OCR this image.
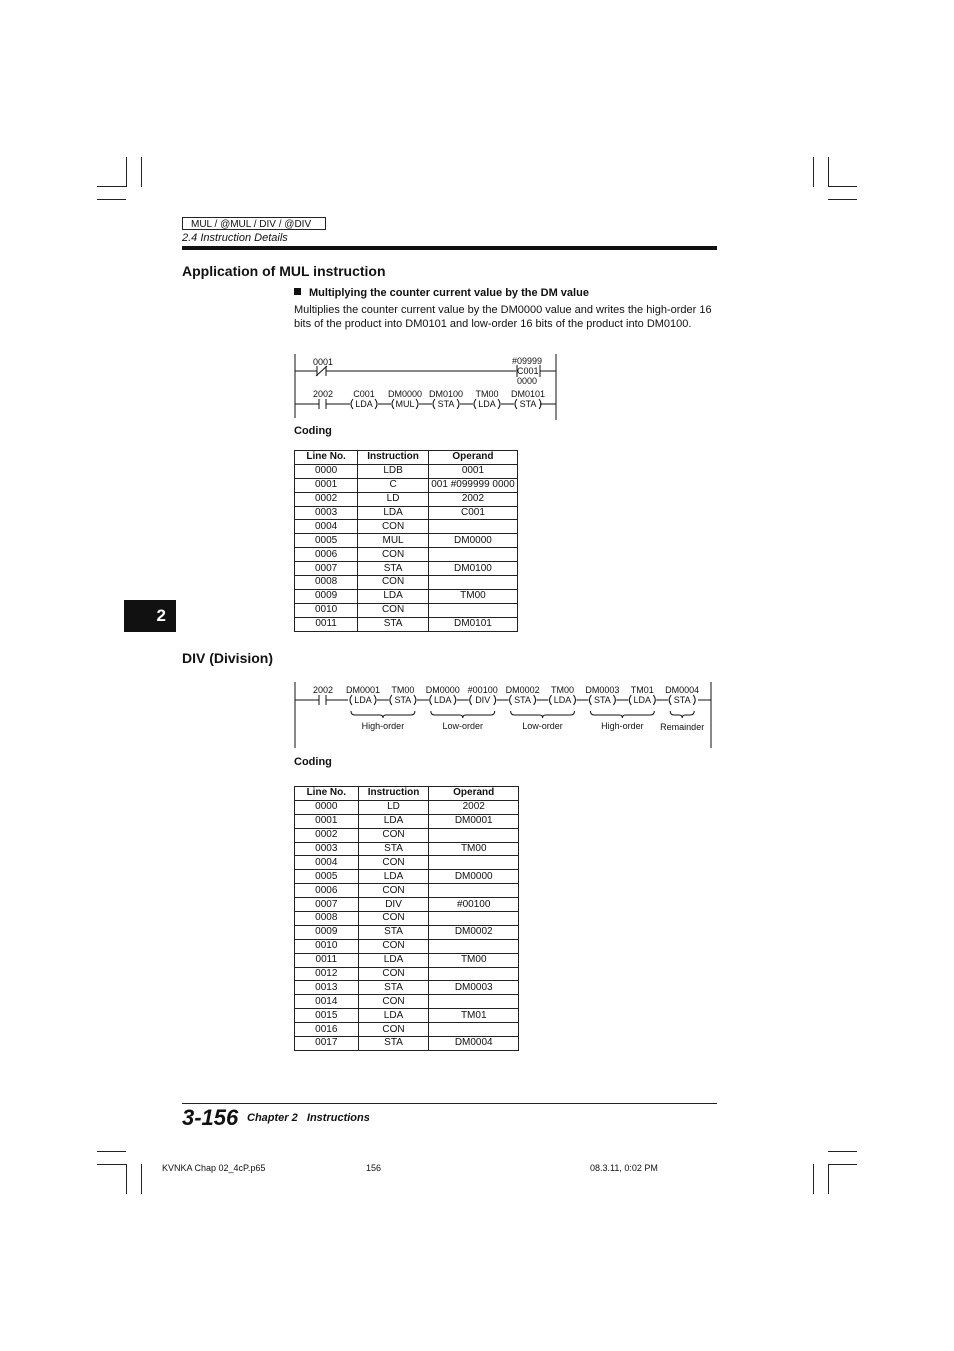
MUL / @MUL / DIV / @DIV
2.4 Instruction Details
Application of MUL instruction
Multiplying the counter current value by the DM value
Multiplies the counter current value by the DM0000 value and writes the high-order 16 bits of the product into DM0101 and low-order 16 bits of the product into DM0100.
0001	#09999
C001
0000
2002 C001
LDA
DM0000
MUL
DM0100
STA
TM00
LDA
DM0101
STA
Coding
Line No.	Instruction	Operand
0000	LDB	0001
0001	C	001 #099999 0000
0002	LD	2002
0003	LDA	C001
0004	CON	
0005	MUL	DM0000
0006	CON	
0007	STA	DM0100
0008	CON	
0009	LDA	TM00
0010	CON	
0011	STA	DM0101
2
DIV (Division)
2002 DM0001
LDA
TM00
STA
DM0000
LDA
#00100
DIV
DM0002
STA
TM00
LDA
DM0003
STA
TM01
LDA
DM0004
STA
High-order	Low-order	Low-order	High-order Remainder
Coding
Line No.	Instruction	Operand
0000	LD	2002
0001	LDA	DM0001
0002	CON	
0003	STA	TM00
0004	CON	
0005	LDA	DM0000
0006	CON	
0007	DIV	#00100
0008	CON	
0009	STA	DM0002
0010	CON	
0011	LDA	TM00
0012	CON	
0013	STA	DM0003
0014	CON	
0015	LDA	TM01
0016	CON	
0017	STA	DM0004
3-156 Chapter 2   Instructions
KVNKA Chap 02_4cP.p65	156	08.3.11, 0:02 PM
